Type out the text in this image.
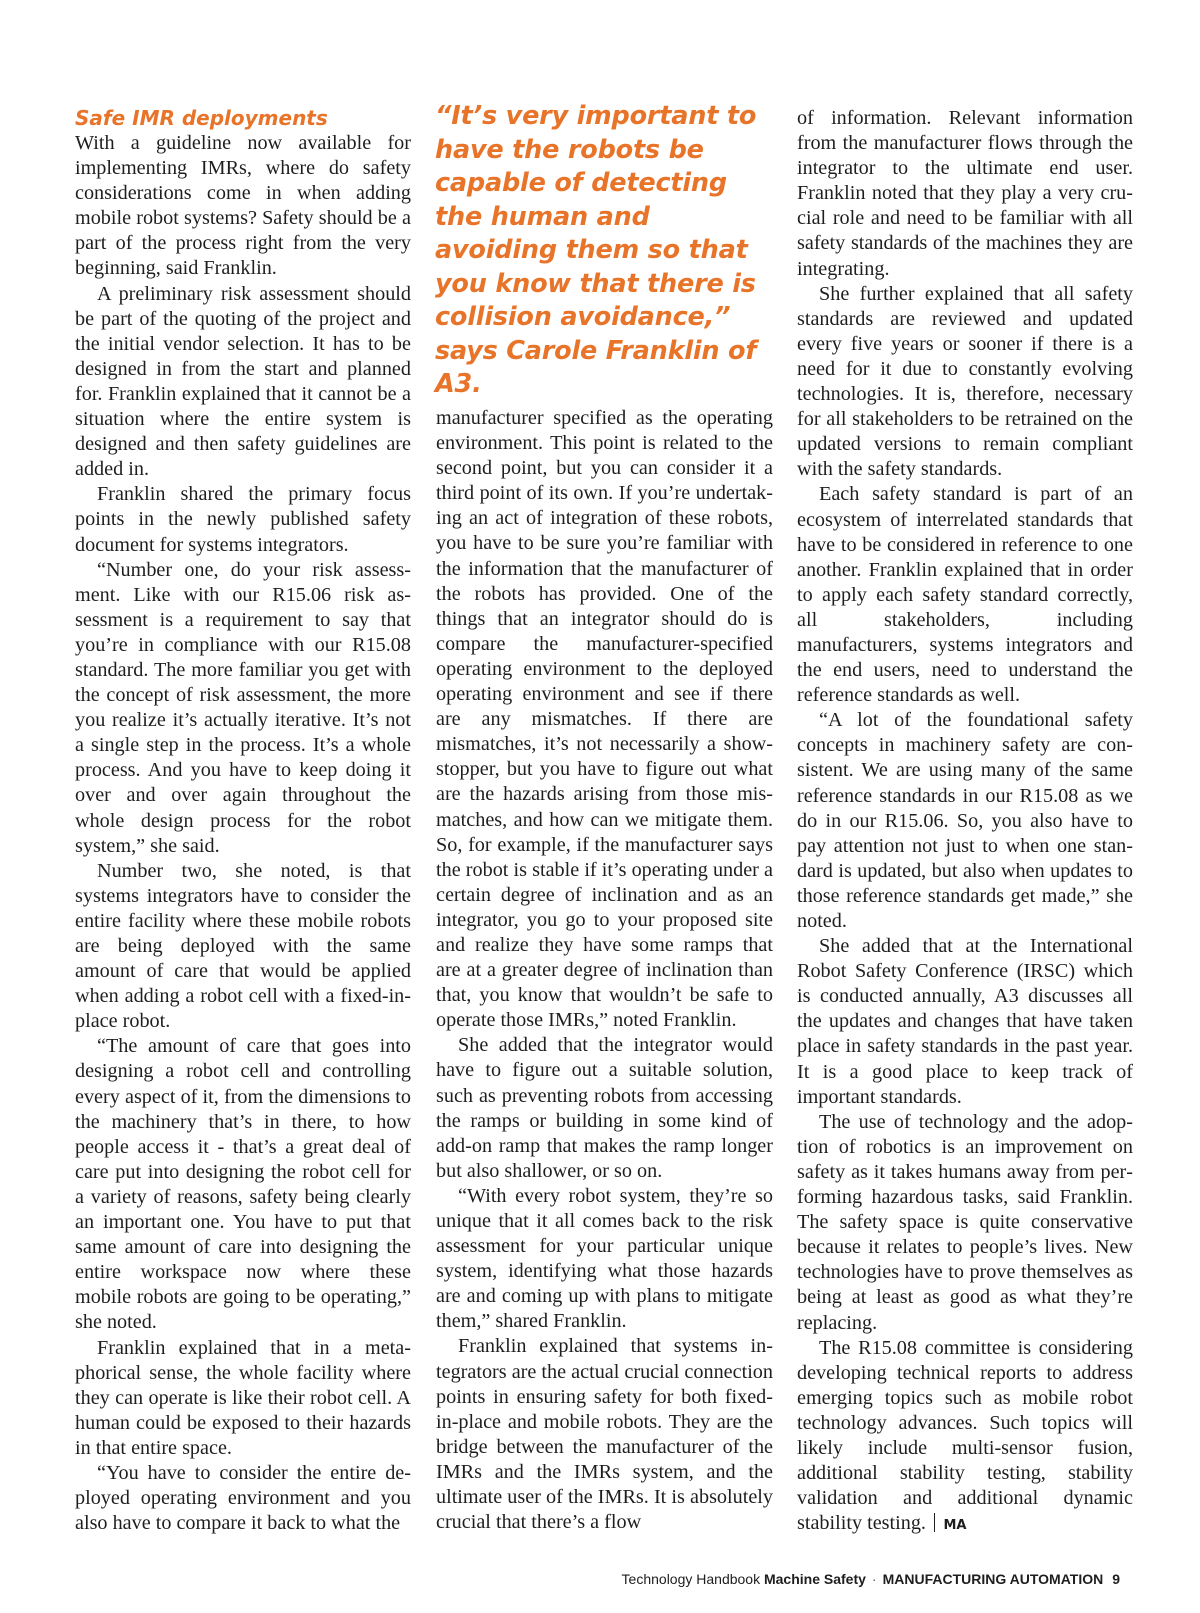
Safe IMR deployments

With a guideline now available for implementing IMRs, where do safety considerations come in when adding mobile robot systems? Safety should be a part of the process right from the very beginning, said Franklin.

A preliminary risk assessment should be part of the quoting of the project and the initial vendor selection. It has to be designed in from the start and planned for. Franklin explained that it cannot be a situation where the entire system is designed and then safety guidelines are added in.

Franklin shared the primary focus points in the newly published safety document for systems integrators.

“Number one, do your risk assessment. Like with our R15.06 risk assessment is a requirement to say that you’re in compliance with our R15.08 standard. The more familiar you get with the concept of risk assessment, the more you realize it’s actually iterative. It’s not a single step in the process. It’s a whole process. And you have to keep doing it over and over again throughout the whole design process for the robot system,” she said.

Number two, she noted, is that systems integrators have to consider the entire facility where these mobile robots are being deployed with the same amount of care that would be applied when adding a robot cell with a fixed-in-place robot.

“The amount of care that goes into designing a robot cell and controlling every aspect of it, from the dimensions to the machinery that’s in there, to how people access it - that’s a great deal of care put into designing the robot cell for a variety of reasons, safety being clearly an important one. You have to put that same amount of care into designing the entire workspace now where these mobile robots are going to be operating,” she noted.

Franklin explained that in a metaphorical sense, the whole facility where they can operate is like their robot cell. A human could be exposed to their hazards in that entire space.

“You have to consider the entire deployed operating environment and you also have to compare it back to what the

“It’s very important to have the robots be capable of detecting the human and avoiding them so that you know that there is collision avoidance,” says Carole Franklin of A3.

manufacturer specified as the operating environment. This point is related to the second point, but you can consider it a third point of its own. If you’re undertaking an act of integration of these robots, you have to be sure you’re familiar with the information that the manufacturer of the robots has provided. One of the things that an integrator should do is compare the manufacturer-specified operating environment to the deployed operating environment and see if there are any mismatches. If there are mismatches, it’s not necessarily a showstopper, but you have to figure out what are the hazards arising from those mismatches, and how can we mitigate them. So, for example, if the manufacturer says the robot is stable if it’s operating under a certain degree of inclination and as an integrator, you go to your proposed site and realize they have some ramps that are at a greater degree of inclination than that, you know that wouldn’t be safe to operate those IMRs,” noted Franklin.

She added that the integrator would have to figure out a suitable solution, such as preventing robots from accessing the ramps or building in some kind of add-on ramp that makes the ramp longer but also shallower, or so on.

“With every robot system, they’re so unique that it all comes back to the risk assessment for your particular unique system, identifying what those hazards are and coming up with plans to mitigate them,” shared Franklin.

Franklin explained that systems integrators are the actual crucial connection points in ensuring safety for both fixed-in-place and mobile robots. They are the bridge between the manufacturer of the IMRs and the IMRs system, and the ultimate user of the IMRs. It is absolutely crucial that there’s a flow

of information. Relevant information from the manufacturer flows through the integrator to the ultimate end user. Franklin noted that they play a very crucial role and need to be familiar with all safety standards of the machines they are integrating.

She further explained that all safety standards are reviewed and updated every five years or sooner if there is a need for it due to constantly evolving technologies. It is, therefore, necessary for all stakeholders to be retrained on the updated versions to remain compliant with the safety standards.

Each safety standard is part of an ecosystem of interrelated standards that have to be considered in reference to one another. Franklin explained that in order to apply each safety standard correctly, all stakeholders, including manufacturers, systems integrators and the end users, need to understand the reference standards as well.

“A lot of the foundational safety concepts in machinery safety are consistent. We are using many of the same reference standards in our R15.08 as we do in our R15.06. So, you also have to pay attention not just to when one standard is updated, but also when updates to those reference standards get made,” she noted.

She added that at the International Robot Safety Conference (IRSC) which is conducted annually, A3 discusses all the updates and changes that have taken place in safety standards in the past year. It is a good place to keep track of important standards.

The use of technology and the adoption of robotics is an improvement on safety as it takes humans away from performing hazardous tasks, said Franklin. The safety space is quite conservative because it relates to people’s lives. New technologies have to prove themselves as being at least as good as what they’re replacing.

The R15.08 committee is considering developing technical reports to address emerging topics such as mobile robot technology advances. Such topics will likely include multi-sensor fusion, additional stability testing, stability validation and additional dynamic stability testing. MA

Technology Handbook Machine Safety · MANUFACTURING AUTOMATION 9
